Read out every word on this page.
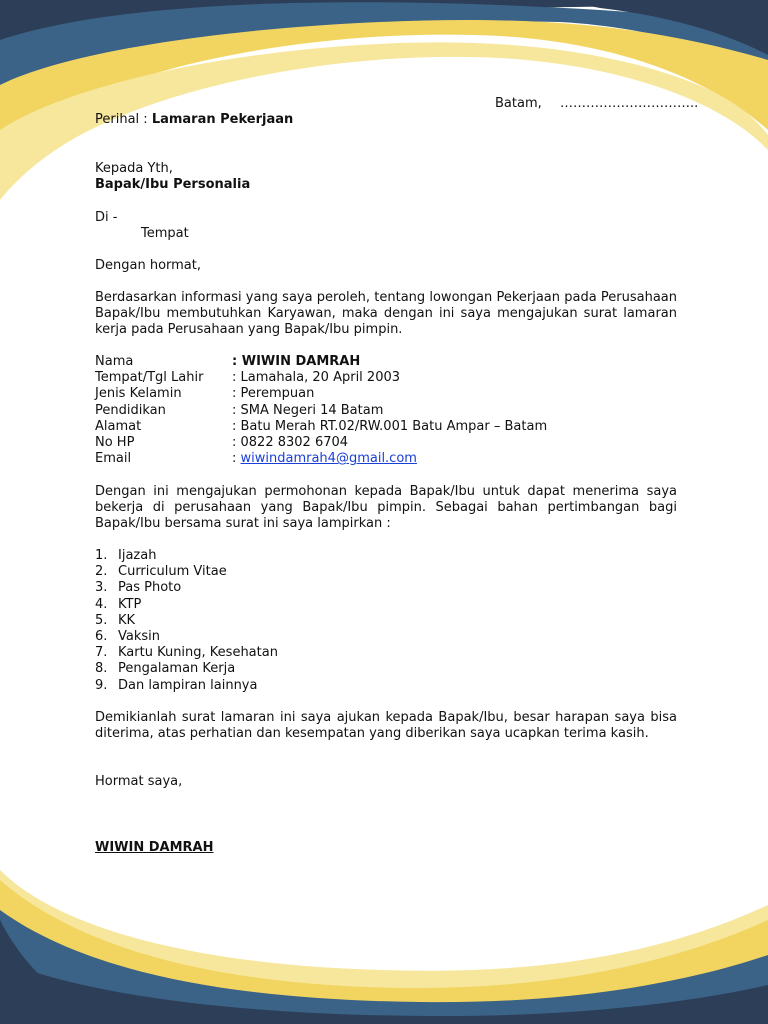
Batam, …………………………..
Perihal : Lamaran Pekerjaan
Kepada Yth,
Bapak/Ibu Personalia
Di -
Tempat
Dengan hormat,

Berdasarkan informasi yang saya peroleh, tentang lowongan Pekerjaan pada Perusahaan Bapak/Ibu membutuhkan Karyawan, maka dengan ini saya mengajukan surat lamaran kerja pada Perusahaan yang Bapak/Ibu pimpin.

Nama	: WIWIN DAMRAH
Tempat/Tgl Lahir	: Lamahala, 20 April 2003
Jenis Kelamin	: Perempuan
Pendidikan	: SMA Negeri 14 Batam
Alamat	: Batu Merah RT.02/RW.001 Batu Ampar – Batam
No HP	: 0822 8302 6704
Email	: wiwindamrah4@gmail.com

Dengan ini mengajukan permohonan kepada Bapak/Ibu untuk dapat menerima saya bekerja di perusahaan yang Bapak/Ibu pimpin. Sebagai bahan pertimbangan bagi Bapak/Ibu bersama surat ini saya lampirkan :

1. Ijazah
2. Curriculum Vitae
3. Pas Photo
4. KTP
5. KK
6. Vaksin
7. Kartu Kuning, Kesehatan
8. Pengalaman Kerja
9. Dan lampiran lainnya

Demikianlah surat lamaran ini saya ajukan kepada Bapak/Ibu, besar harapan saya bisa diterima, atas perhatian dan kesempatan yang diberikan saya ucapkan terima kasih.

Hormat saya,
WIWIN DAMRAH
